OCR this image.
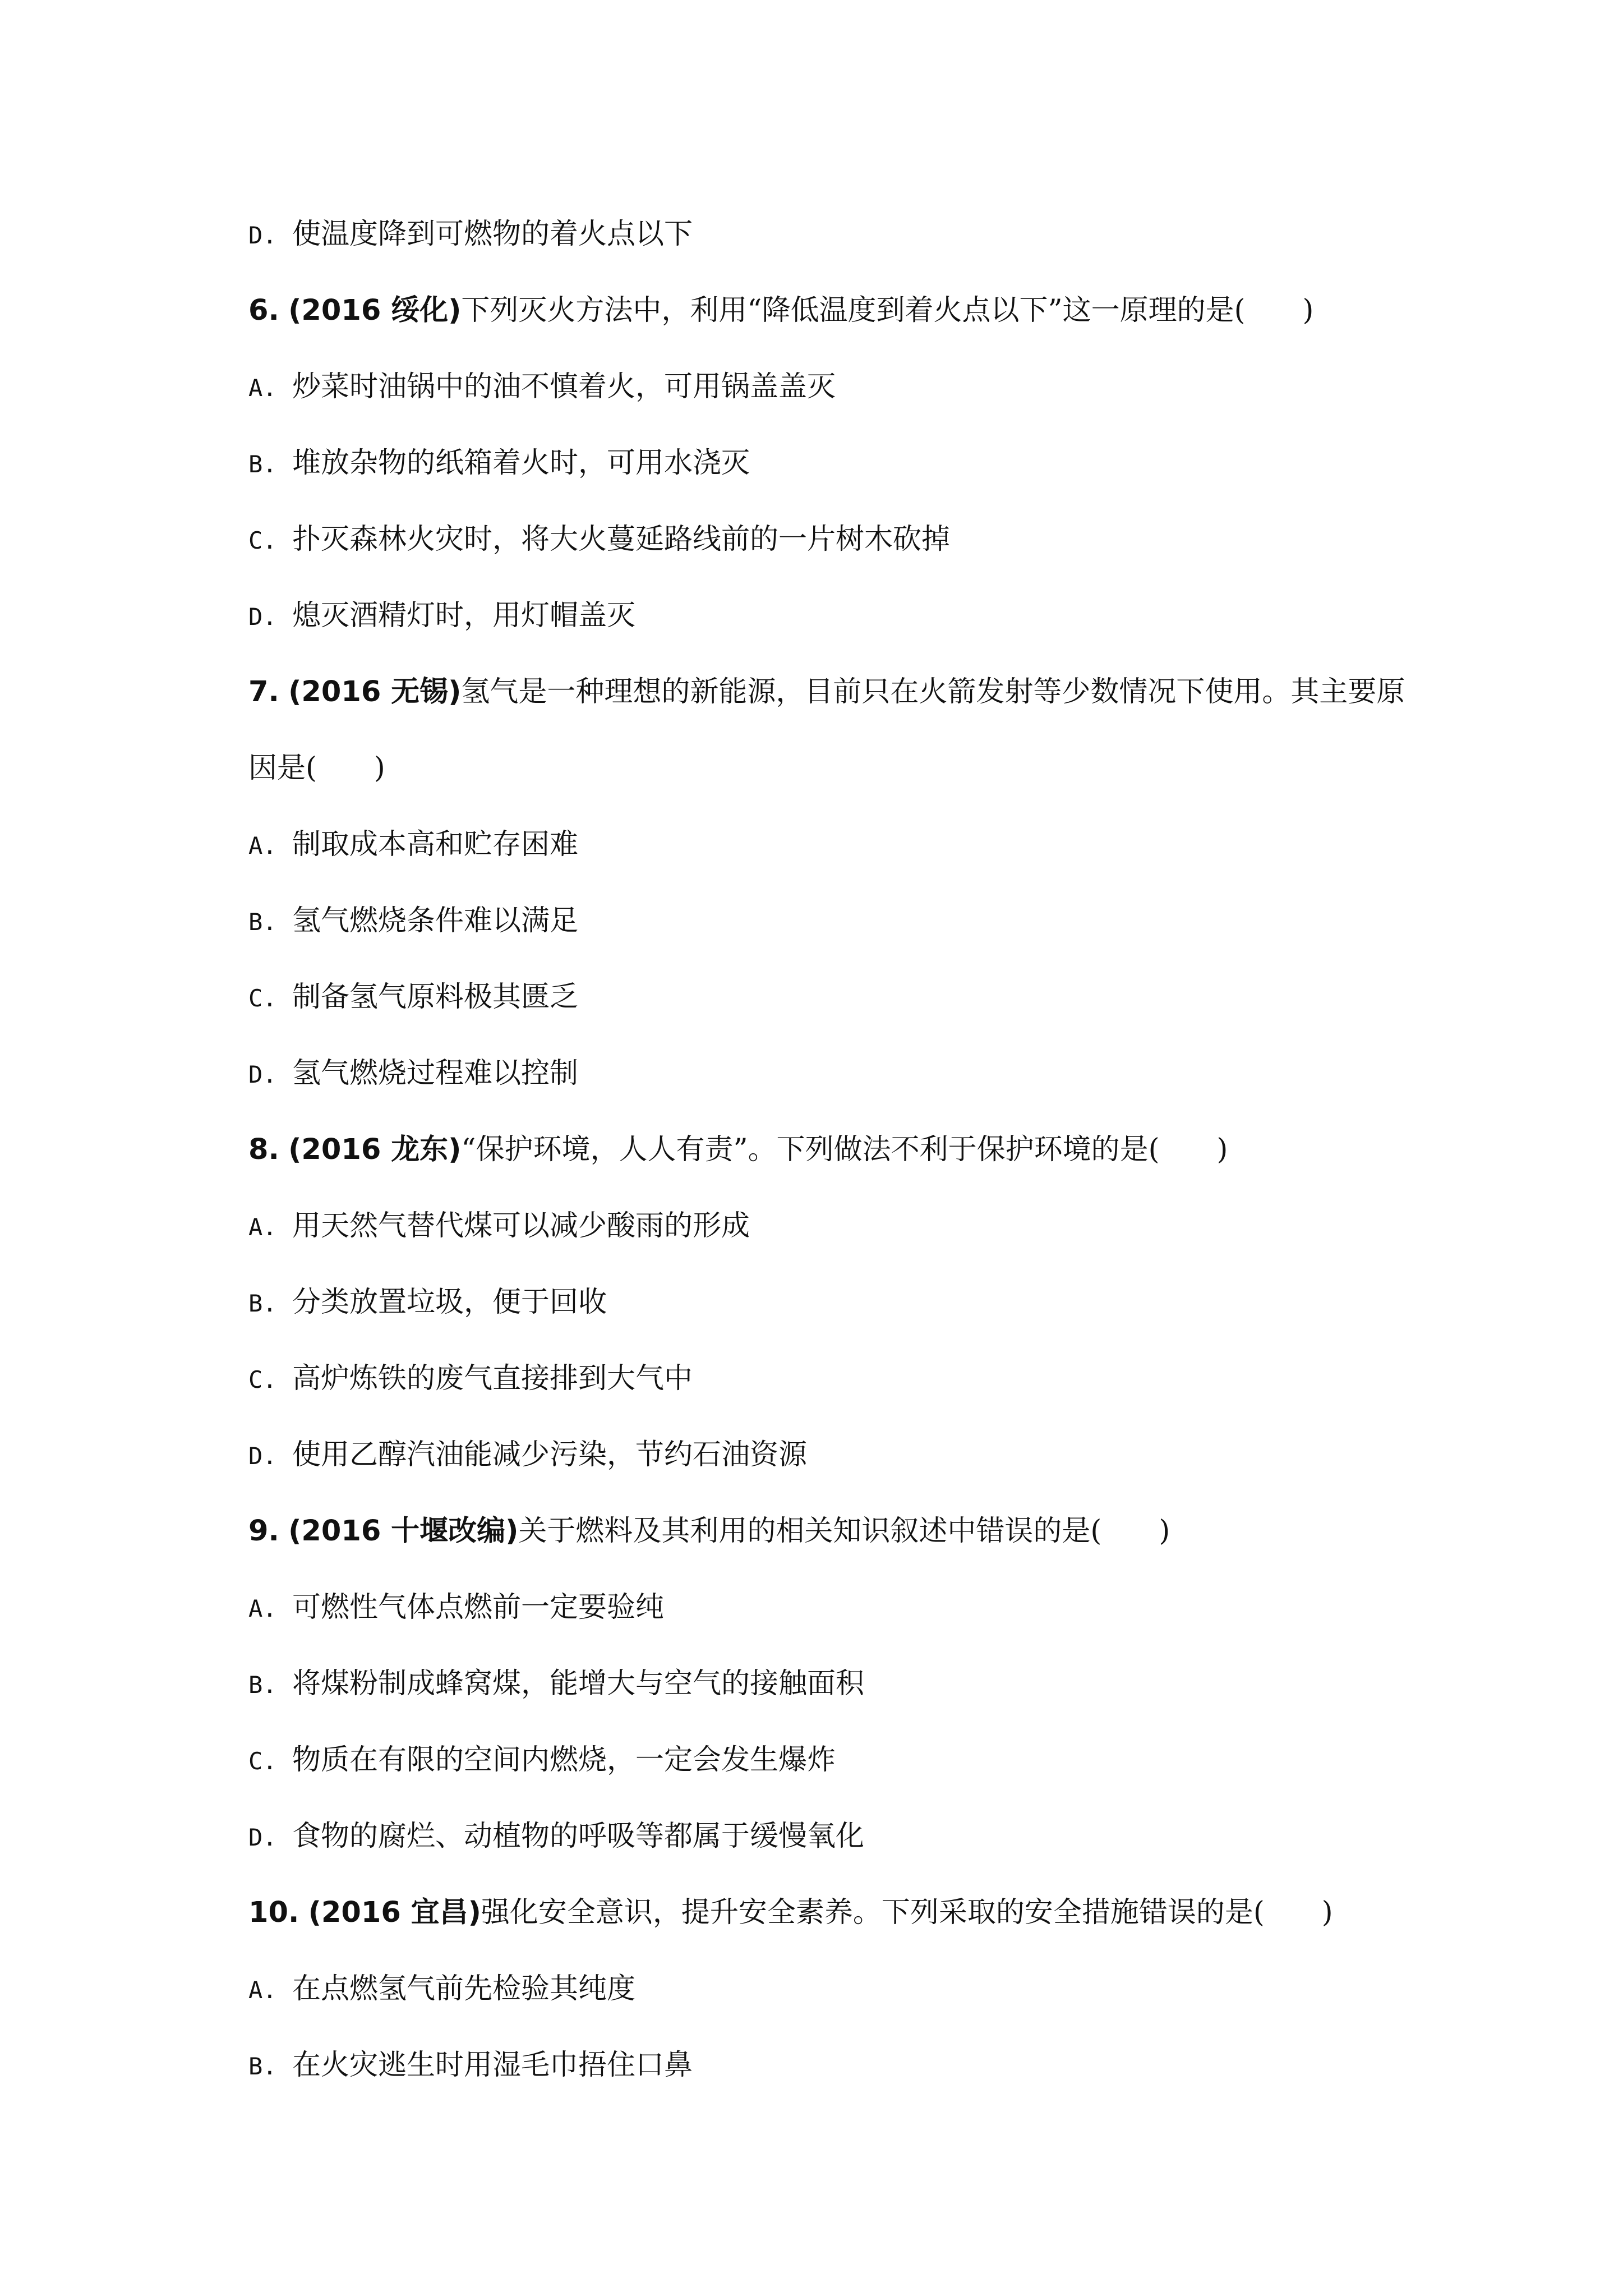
D. 使温度降到可燃物的着火点以下
6. (2016 绥化)下列灭火方法中，利用“降低温度到着火点以下”这一原理的是(　　)
A. 炒菜时油锅中的油不慎着火，可用锅盖盖灭
B. 堆放杂物的纸箱着火时，可用水浇灭
C. 扑灭森林火灾时，将大火蔓延路线前的一片树木砍掉
D. 熄灭酒精灯时，用灯帽盖灭
7. (2016 无锡)氢气是一种理想的新能源，目前只在火箭发射等少数情况下使用。其主要原
因是(　　)
A. 制取成本高和贮存困难
B. 氢气燃烧条件难以满足
C. 制备氢气原料极其匮乏
D. 氢气燃烧过程难以控制
8. (2016 龙东)“保护环境，人人有责”。下列做法不利于保护环境的是(　　)
A. 用天然气替代煤可以减少酸雨的形成
B. 分类放置垃圾，便于回收
C. 高炉炼铁的废气直接排到大气中
D. 使用乙醇汽油能减少污染，节约石油资源
9. (2016 十堰改编)关于燃料及其利用的相关知识叙述中错误的是(　　)
A. 可燃性气体点燃前一定要验纯
B. 将煤粉制成蜂窝煤，能增大与空气的接触面积
C. 物质在有限的空间内燃烧，一定会发生爆炸
D. 食物的腐烂、动植物的呼吸等都属于缓慢氧化
10. (2016 宜昌)强化安全意识，提升安全素养。下列采取的安全措施错误的是(　　)
A. 在点燃氢气前先检验其纯度
B. 在火灾逃生时用湿毛巾捂住口鼻
